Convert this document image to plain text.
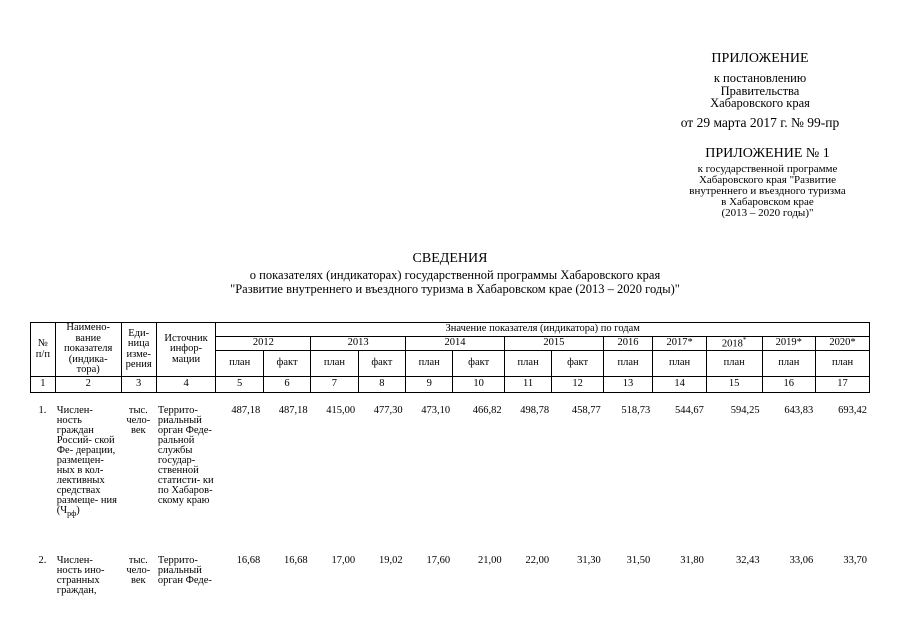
ПРИЛОЖЕНИЕ
к постановлению
Правительства
Хабаровского края
от 29 марта 2017 г. № 99-пр
ПРИЛОЖЕНИЕ № 1
к государственной программе
Хабаровского края "Развитие
внутреннего и въездного туризма
в Хабаровском крае
(2013 – 2020 годы)"
СВЕДЕНИЯ
о показателях (индикаторах) государственной программы Хабаровского края
"Развитие внутреннего и въездного туризма в Хабаровском крае (2013 – 2020 годы)"
№ п/п	Наимено- вание показателя (индика- тора)	Еди- ница изме- рения	Источник инфор- мации	Значение показателя (индикатора) по годам												
				2012		2013		2014		2015		2016	2017*	2018*	2019*	2020*
				план	факт	план	факт	план	факт	план	факт	план	план	план	план	план
1	2	3	4	5	6	7	8	9	10	11	12	13	14	15	16	17
1.	Числен- ность граждан Россий- ской Фе- дерации, размещен- ных в кол- лективных средствах размеще- ния $(Ч_{рф})$	тыс. чело- век	Террито- риальный орган Феде- ральной службы государ- ственной статисти- ки по Хабаров- скому краю	487,18	487,18	415,00	477,30	473,10	466,82	498,78	458,77	518,73	544,67	594,25	643,83	693,42
2.	Числен- ность ино- странных граждан,	тыс. чело- век	Террито- риальный орган Феде-	16,68	16,68	17,00	19,02	17,60	21,00	22,00	31,30	31,50	31,80	32,43	33,06	33,70
